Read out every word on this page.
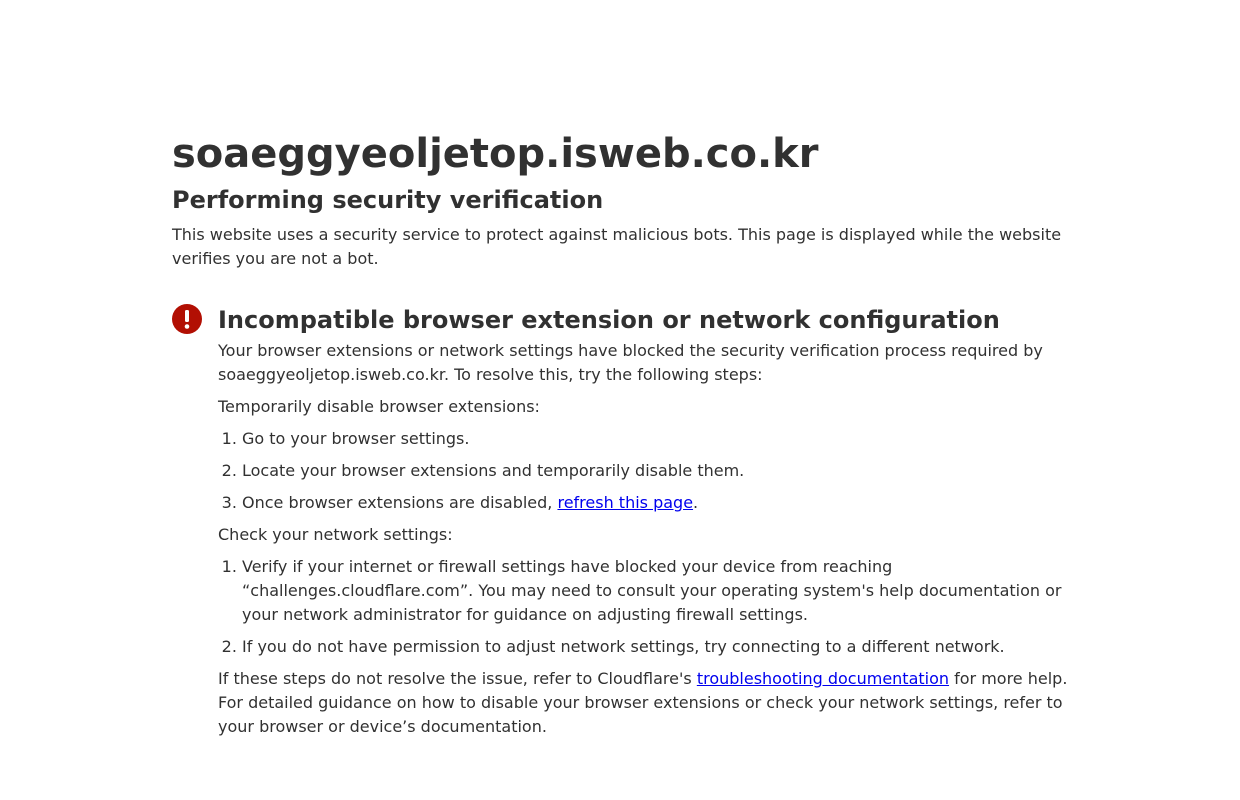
soaeggyeoljetop.isweb.co.kr
Performing security verification

This website uses a security service to protect against malicious bots. This page is displayed while the website verifies you are not a bot.

Incompatible browser extension or network configuration

Your browser extensions or network settings have blocked the security verification process required by soaeggyeoljetop.isweb.co.kr. To resolve this, try the following steps:

Temporarily disable browser extensions:

1. Go to your browser settings.
2. Locate your browser extensions and temporarily disable them.
3. Once browser extensions are disabled, refresh this page.

Check your network settings:

1. Verify if your internet or firewall settings have blocked your device from reaching “challenges.cloudflare.com”. You may need to consult your operating system's help documentation or your network administrator for guidance on adjusting firewall settings.
2. If you do not have permission to adjust network settings, try connecting to a different network.

If these steps do not resolve the issue, refer to Cloudflare's troubleshooting documentation for more help. For detailed guidance on how to disable your browser extensions or check your network settings, refer to your browser or device’s documentation.
